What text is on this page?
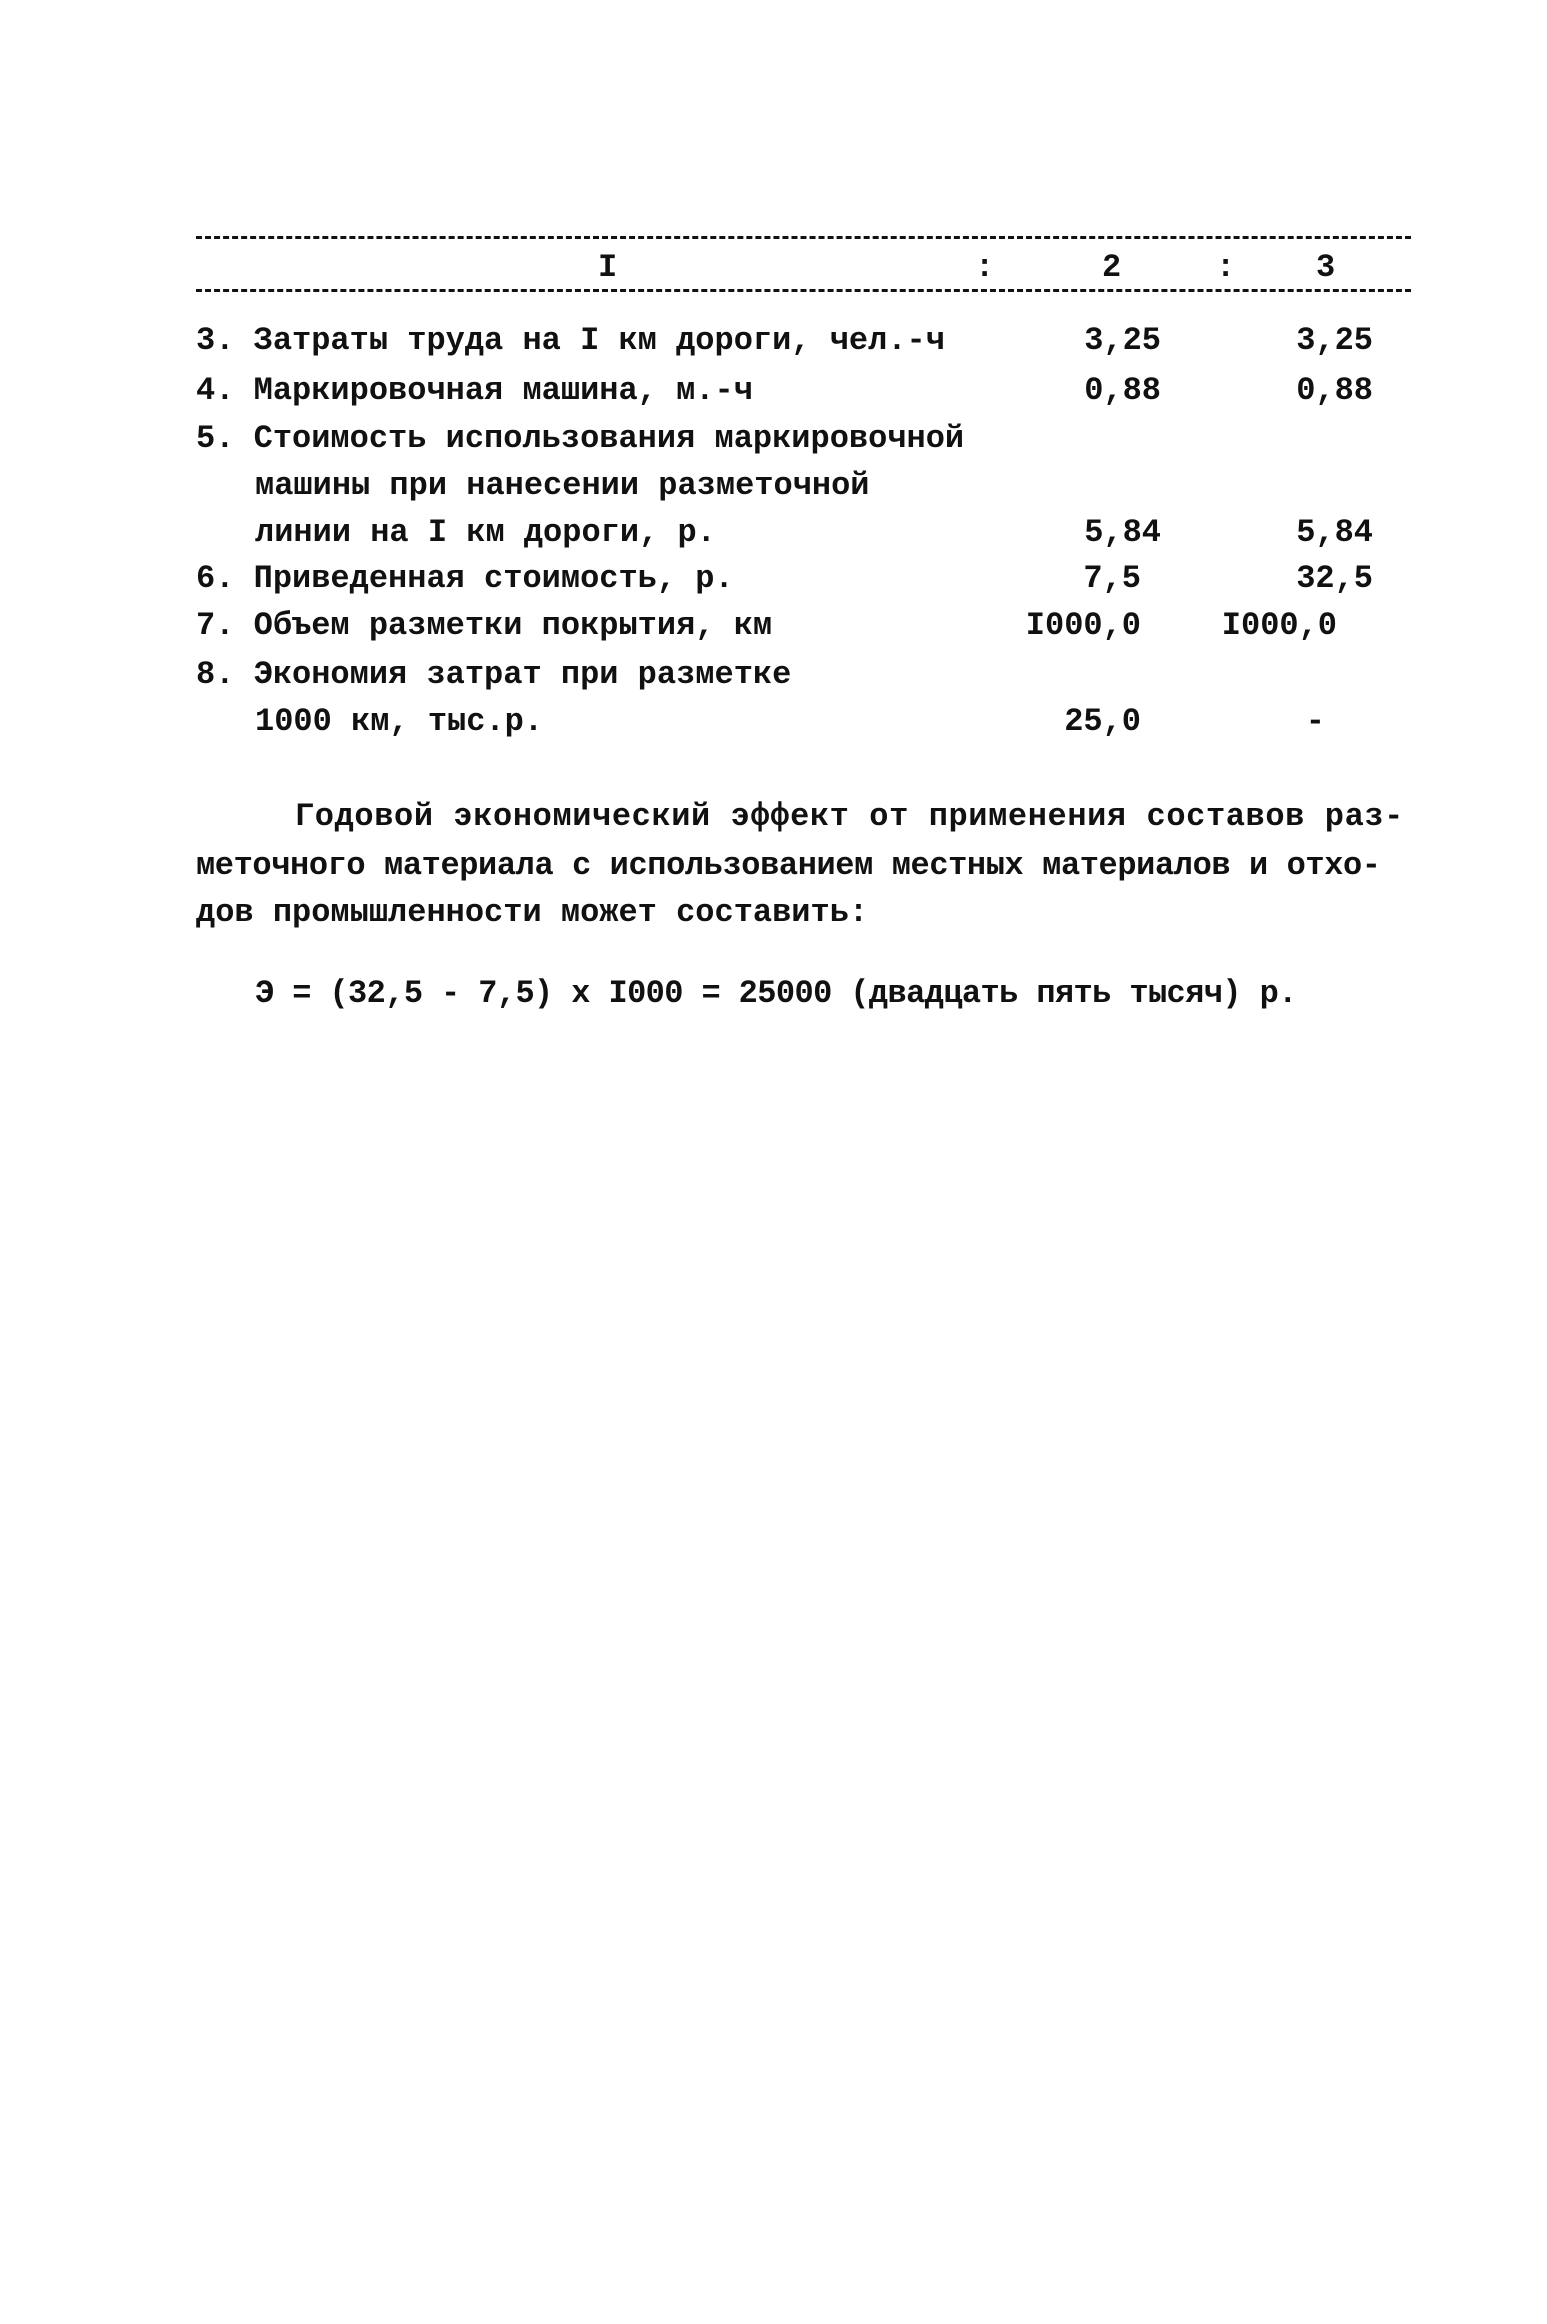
I	:	2	:	3
3. Затраты труда на I км дороги, чел.-ч	3,25	3,25
4. Маркировочная машина, м.-ч	0,88	0,88
5. Стоимость использования маркировочной
машины при нанесении разметочной
линии на I км дороги, р.	5,84	5,84
6. Приведенная стоимость, р.	7,5	32,5
7. Объем разметки покрытия, км	I000,0	I000,0
8. Экономия затрат при разметке
1000 км, тыс.р.	25,0	-
Годовой экономический эффект от применения составов раз-
меточного материала с использованием местных материалов и отхо-
дов промышленности может составить:
Э = (32,5 - 7,5) x I000 = 25000 (двадцать пять тысяч) р.
